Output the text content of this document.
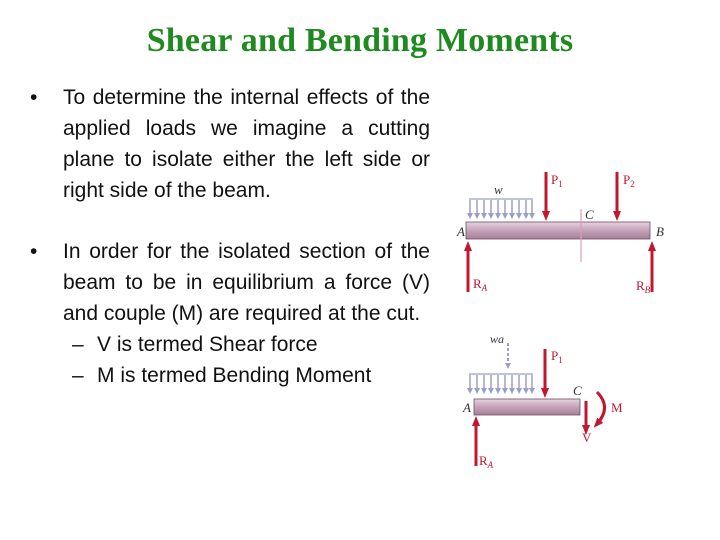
Shear and Bending Moments
• To determine the internal effects of the applied loads we imagine a cutting plane to isolate either the left side or right side of the beam.
• In order for the isolated section of the beam to be in equilibrium a force (V) and couple (M) are required at the cut.
– V is termed Shear force
– M is termed Bending Moment
w
$P_1$	$P_2$
C
A	B
$R_A$	$R_B$
wa
$P_1$
C
A	M
V
$R_A$
